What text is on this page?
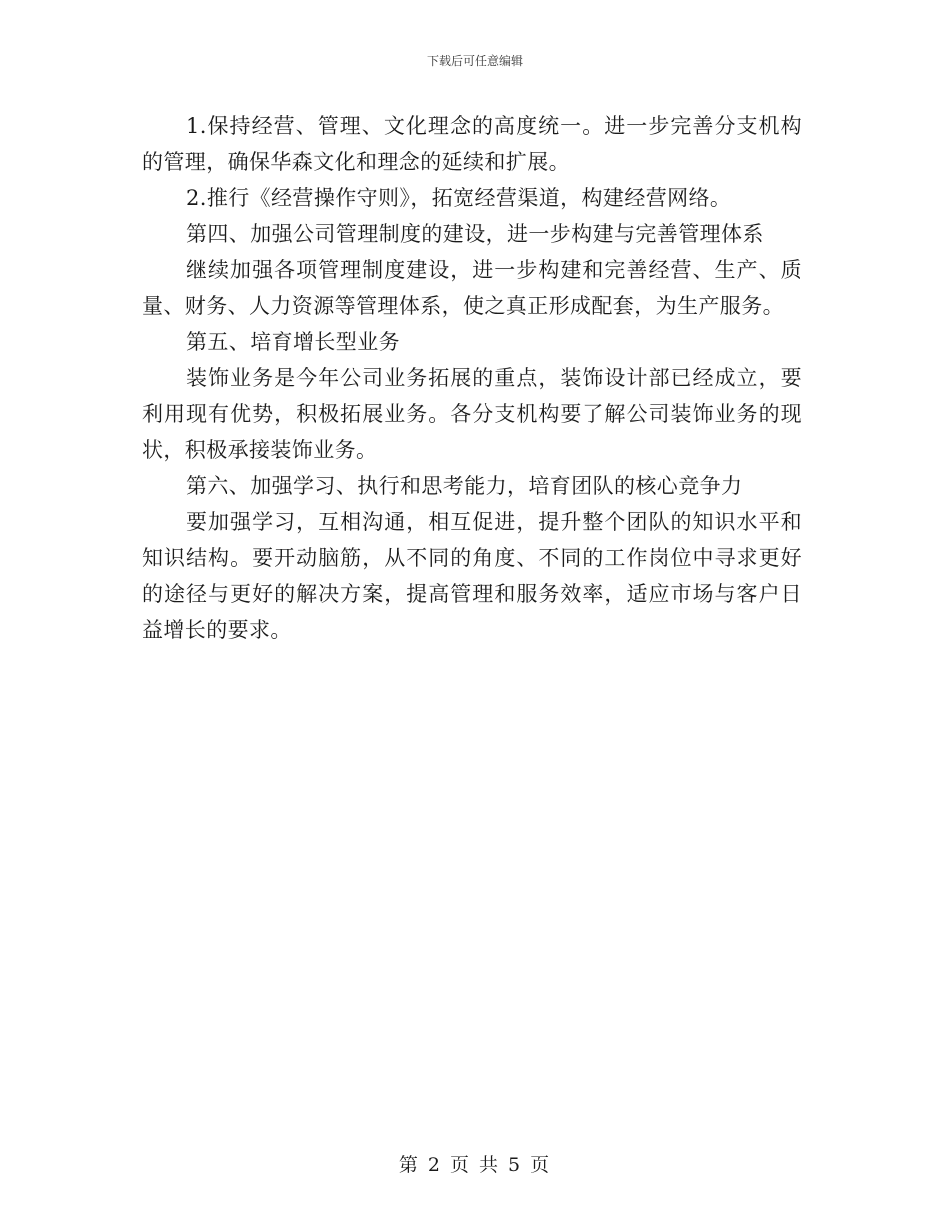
下载后可任意编辑

1.保持经营、管理、文化理念的高度统一。进一步完善分支机构的管理，确保华森文化和理念的延续和扩展。

2.推行《经营操作守则》，拓宽经营渠道，构建经营网络。

第四、加强公司管理制度的建设，进一步构建与完善管理体系

继续加强各项管理制度建设，进一步构建和完善经营、生产、质量、财务、人力资源等管理体系，使之真正形成配套，为生产服务。

第五、培育增长型业务

装饰业务是今年公司业务拓展的重点，装饰设计部已经成立，要利用现有优势，积极拓展业务。各分支机构要了解公司装饰业务的现状，积极承接装饰业务。

第六、加强学习、执行和思考能力，培育团队的核心竞争力

要加强学习，互相沟通，相互促进，提升整个团队的知识水平和知识结构。要开动脑筋，从不同的角度、不同的工作岗位中寻求更好的途径与更好的解决方案，提高管理和服务效率，适应市场与客户日益增长的要求。

第 2 页 共 5 页
